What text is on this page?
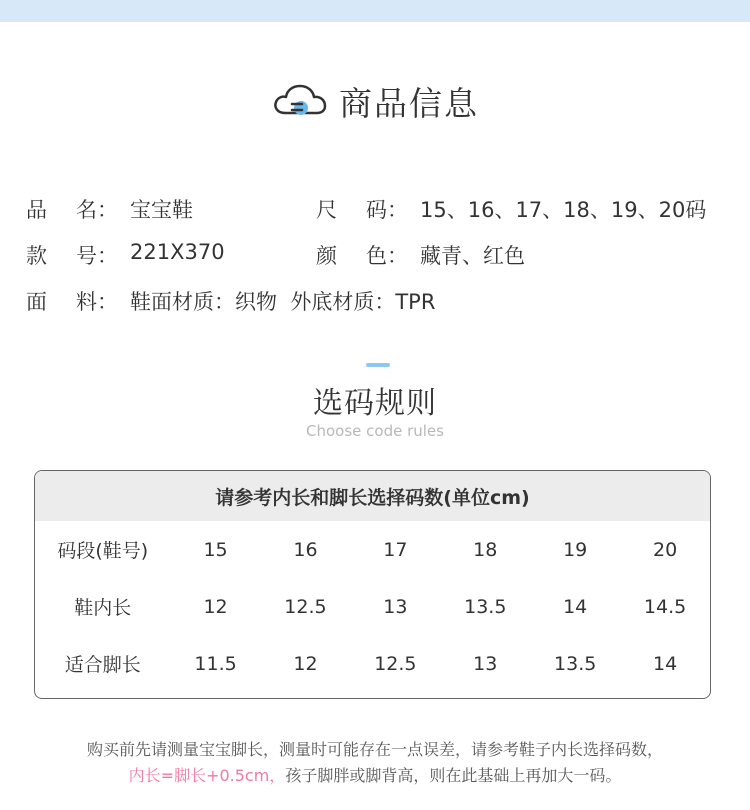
商品信息
品 名： 宝宝鞋	尺 码： 15、16、17、18、19、20码
款 号： 221X370	颜 色： 藏青、红色
面 料： 鞋面材质：织物  外底材质：TPR
选码规则
Choose code rules
请参考内长和脚长选择码数(单位cm)
码段(鞋号)	15	16	17	18	19	20
鞋内长	12	12.5	13	13.5	14	14.5
适合脚长	11.5	12	12.5	13	13.5	14
购买前先请测量宝宝脚长，测量时可能存在一点误差，请参考鞋子内长选择码数，
内长=脚长+0.5cm，孩子脚胖或脚背高，则在此基础上再加大一码。
